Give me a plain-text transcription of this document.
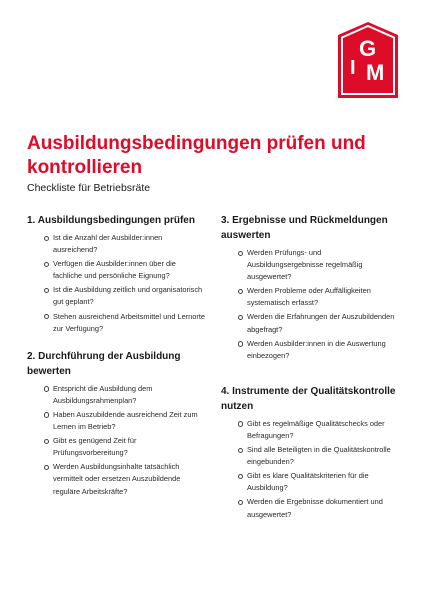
I
G
M
Ausbildungsbedingungen prüfen und kontrollieren

Checkliste für Betriebsräte

1. Ausbildungsbedingungen prüfen
Ist die Anzahl der Ausbilder:innen ausreichend?
Verfügen die Ausbilder:innen über die fachliche und persönliche Eignung?
Ist die Ausbildung zeitlich und organisatorisch gut geplant?
Stehen ausreichend Arbeitsmittel und Lernorte zur Verfügung?
2. Durchführung der Ausbildung bewerten
Entspricht die Ausbildung dem Ausbildungsrahmenplan?
Haben Auszubildende ausreichend Zeit zum Lernen im Betrieb?
Gibt es genügend Zeit für Prüfungsvorbereitung?
Werden Ausbildungsinhalte tatsächlich vermittelt oder ersetzen Auszubildende reguläre Arbeitskräfte?
3. Ergebnisse und Rückmeldungen auswerten
Werden Prüfungs- und Ausbildungsergebnisse regelmäßig ausgewertet?
Werden Probleme oder Auffälligkeiten systematisch erfasst?
Werden die Erfahrungen der Auszubildenden abgefragt?
Werden Ausbilder:innen in die Auswertung einbezogen?
4. Instrumente der Qualitätskontrolle nutzen
Gibt es regelmäßige Qualitätschecks oder Befragungen?
Sind alle Beteiligten in die Qualitätskontrolle eingebunden?
Gibt es klare Qualitätskriterien für die Ausbildung?
Werden die Ergebnisse dokumentiert und ausgewertet?
